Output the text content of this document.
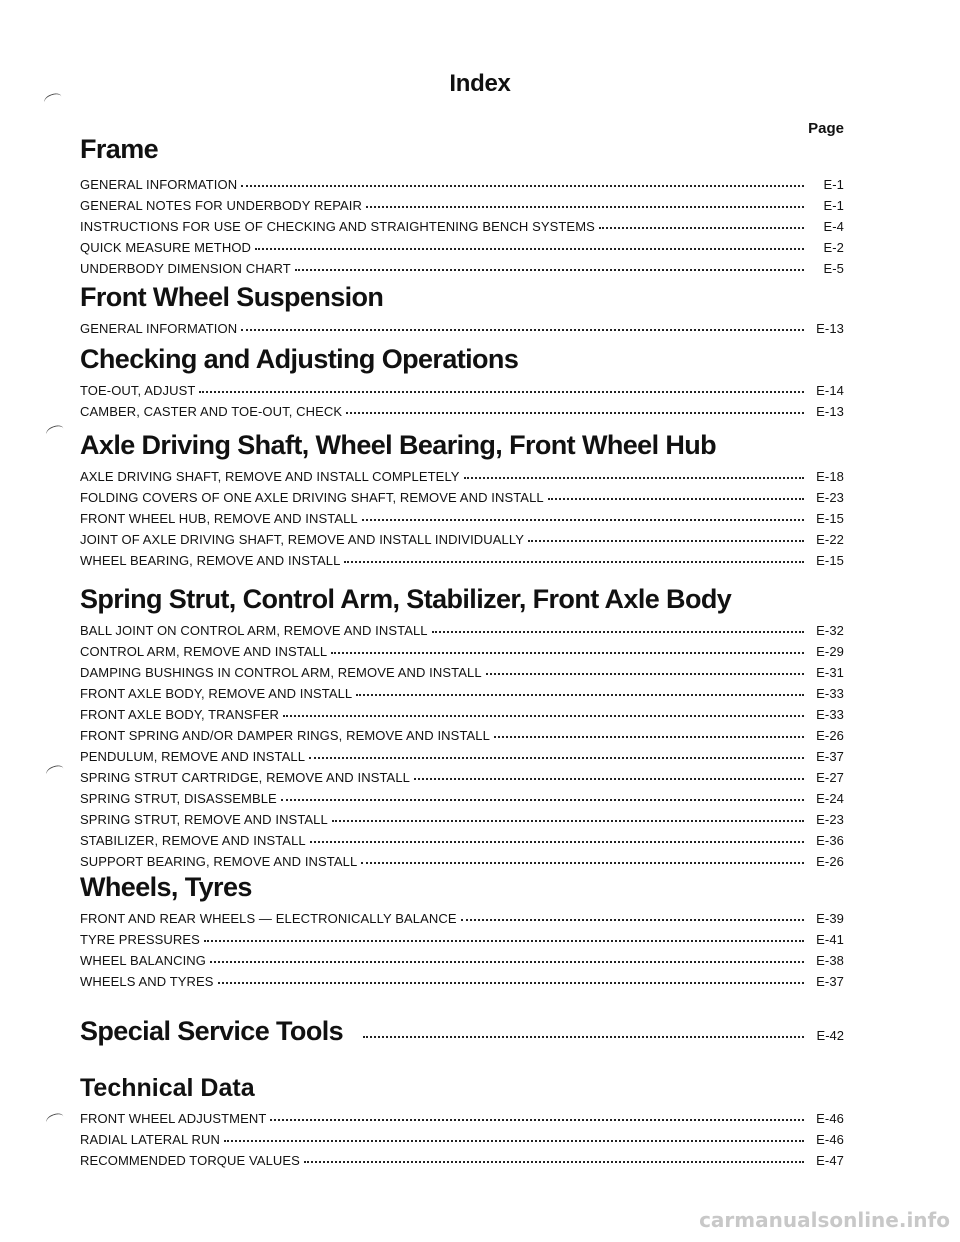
Index
Page
Frame
GENERAL INFORMATION	E-1
GENERAL NOTES FOR UNDERBODY REPAIR	E-1
INSTRUCTIONS FOR USE OF CHECKING AND STRAIGHTENING BENCH SYSTEMS	E-4
QUICK MEASURE METHOD	E-2
UNDERBODY DIMENSION CHART	E-5
Front Wheel Suspension
GENERAL INFORMATION	E-13
Checking and Adjusting Operations
TOE-OUT, ADJUST	E-14
CAMBER, CASTER AND TOE-OUT, CHECK	E-13
Axle Driving Shaft, Wheel Bearing, Front Wheel Hub
AXLE DRIVING SHAFT, REMOVE AND INSTALL COMPLETELY	E-18
FOLDING COVERS OF ONE AXLE DRIVING SHAFT, REMOVE AND INSTALL	E-23
FRONT WHEEL HUB, REMOVE AND INSTALL	E-15
JOINT OF AXLE DRIVING SHAFT, REMOVE AND INSTALL INDIVIDUALLY	E-22
WHEEL BEARING, REMOVE AND INSTALL	E-15
Spring Strut, Control Arm, Stabilizer, Front Axle Body
BALL JOINT ON CONTROL ARM, REMOVE AND INSTALL	E-32
CONTROL ARM, REMOVE AND INSTALL	E-29
DAMPING BUSHINGS IN CONTROL ARM, REMOVE AND INSTALL	E-31
FRONT AXLE BODY, REMOVE AND INSTALL	E-33
FRONT AXLE BODY, TRANSFER	E-33
FRONT SPRING AND/OR DAMPER RINGS, REMOVE AND INSTALL	E-26
PENDULUM, REMOVE AND INSTALL	E-37
SPRING STRUT CARTRIDGE, REMOVE AND INSTALL	E-27
SPRING STRUT, DISASSEMBLE	E-24
SPRING STRUT, REMOVE AND INSTALL	E-23
STABILIZER, REMOVE AND INSTALL	E-36
SUPPORT BEARING, REMOVE AND INSTALL	E-26
Wheels, Tyres
FRONT AND REAR WHEELS — ELECTRONICALLY BALANCE	E-39
TYRE PRESSURES	E-41
WHEEL BALANCING	E-38
WHEELS AND TYRES	E-37
Special Service Tools	E-42
Technical Data
FRONT WHEEL ADJUSTMENT	E-46
RADIAL LATERAL RUN	E-46
RECOMMENDED TORQUE VALUES	E-47
carmanualsonline.info
